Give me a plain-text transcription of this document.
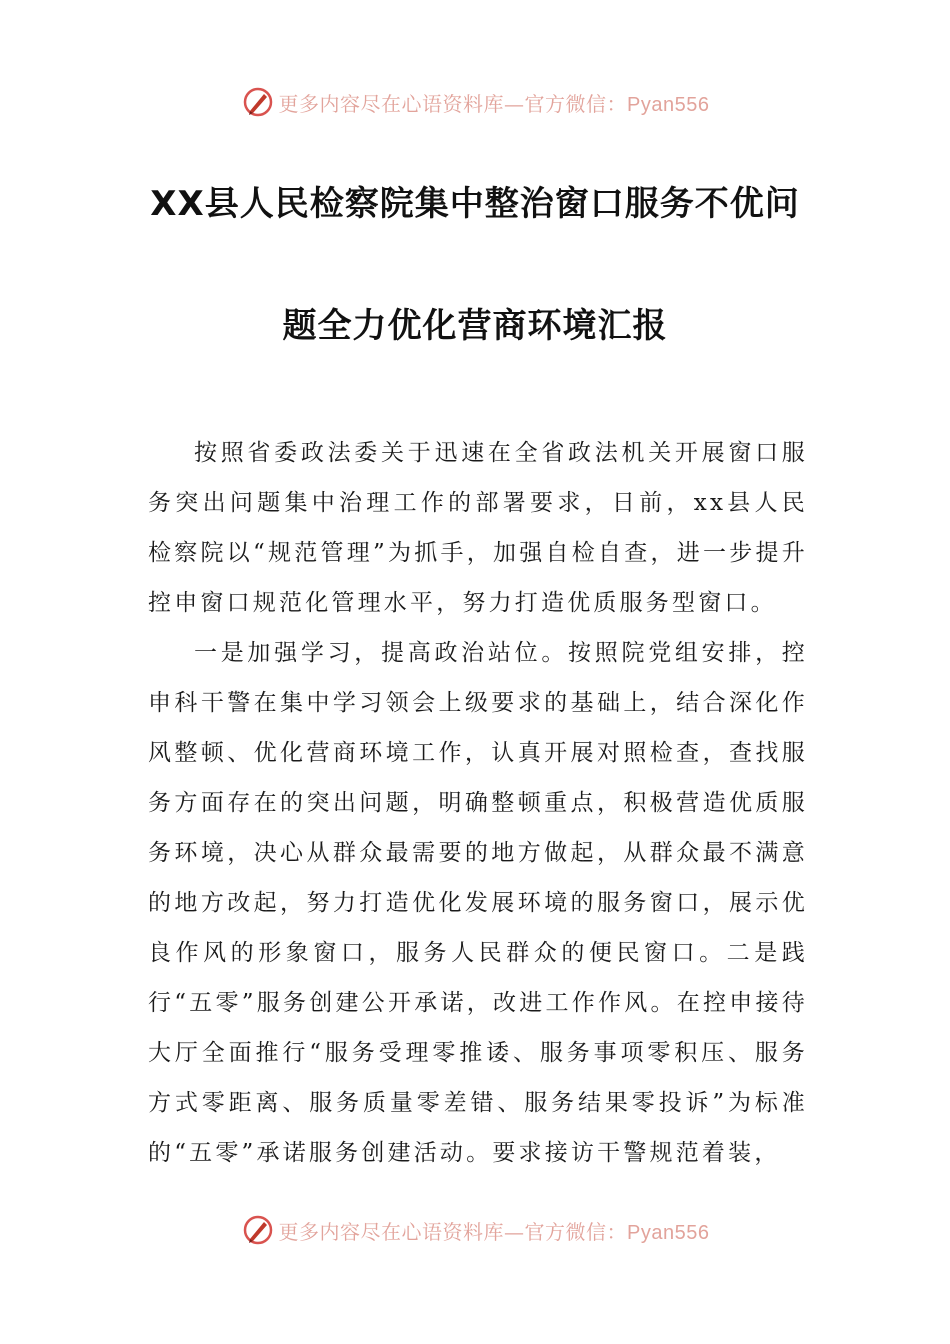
更多内容尽在心语资料库—官方微信：Pyan556
XX县人民检察院集中整治窗口服务不优问
题全力优化营商环境汇报

按照省委政法委关于迅速在全省政法机关开展窗口服务突出问题集中治理工作的部署要求，日前，xx县人民检察院以“规范管理”为抓手，加强自检自查，进一步提升控申窗口规范化管理水平，努力打造优质服务型窗口。

一是加强学习，提高政治站位。按照院党组安排，控申科干警在集中学习领会上级要求的基础上，结合深化作风整顿、优化营商环境工作，认真开展对照检查，查找服务方面存在的突出问题，明确整顿重点，积极营造优质服务环境，决心从群众最需要的地方做起，从群众最不满意的地方改起，努力打造优化发展环境的服务窗口，展示优良作风的形象窗口，服务人民群众的便民窗口。二是践行“五零”服务创建公开承诺，改进工作作风。在控申接待大厅全面推行“服务受理零推诿、服务事项零积压、服务方式零距离、服务质量零差错、服务结果零投诉”为标准的“五零”承诺服务创建活动。要求接访干警规范着装，

更多内容尽在心语资料库—官方微信：Pyan556
